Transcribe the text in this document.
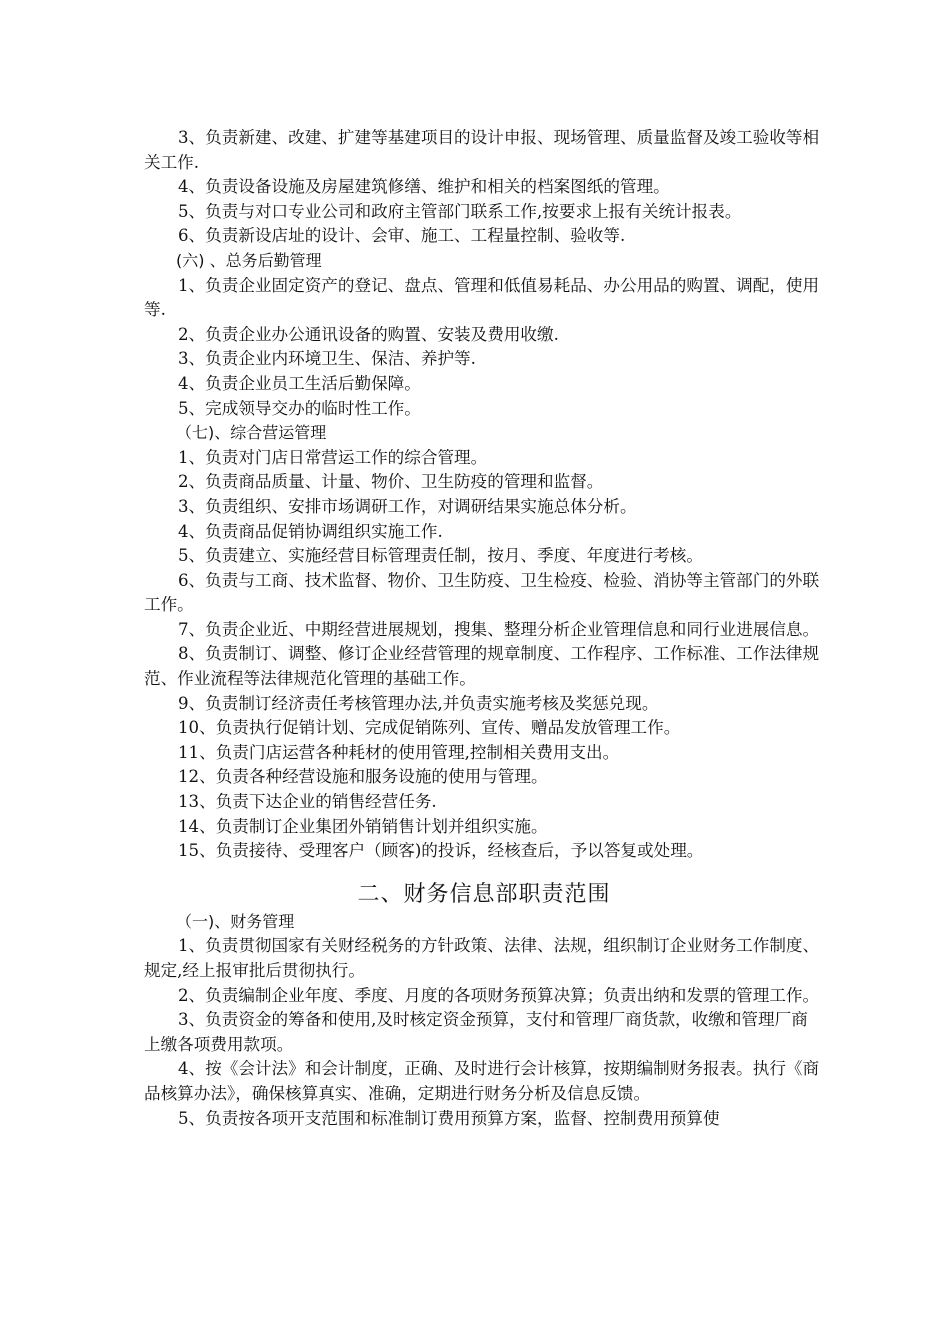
3、负责新建、改建、扩建等基建项目的设计申报、现场管理、质量监督及竣工验收等相关工作.

4、负责设备设施及房屋建筑修缮、维护和相关的档案图纸的管理。

5、负责与对口专业公司和政府主管部门联系工作,按要求上报有关统计报表。

6、负责新设店址的设计、会审、施工、工程量控制、验收等.

(六) 、总务后勤管理

1、负责企业固定资产的登记、盘点、管理和低值易耗品、办公用品的购置、调配，使用等.

2、负责企业办公通讯设备的购置、安装及费用收缴.

3、负责企业内环境卫生、保洁、养护等.

4、负责企业员工生活后勤保障。

5、完成领导交办的临时性工作。

（七)、综合营运管理

1、负责对门店日常营运工作的综合管理。

2、负责商品质量、计量、物价、卫生防疫的管理和监督。

3、负责组织、安排市场调研工作，对调研结果实施总体分析。

4、负责商品促销协调组织实施工作.

5、负责建立、实施经营目标管理责任制，按月、季度、年度进行考核。

6、负责与工商、技术监督、物价、卫生防疫、卫生检疫、检验、消协等主管部门的外联工作。

7、负责企业近、中期经营进展规划，搜集、整理分析企业管理信息和同行业进展信息。

8、负责制订、调整、修订企业经营管理的规章制度、工作程序、工作标准、工作法律规范、作业流程等法律规范化管理的基础工作。

9、负责制订经济责任考核管理办法,并负责实施考核及奖惩兑现。

10、负责执行促销计划、完成促销陈列、宣传、赠品发放管理工作。

11、负责门店运营各种耗材的使用管理,控制相关费用支出。

12、负责各种经营设施和服务设施的使用与管理。

13、负责下达企业的销售经营任务.

14、负责制订企业集团外销销售计划并组织实施。

15、负责接待、受理客户（顾客)的投诉，经核查后，予以答复或处理。

二、财务信息部职责范围

（一)、财务管理

1、负责贯彻国家有关财经税务的方针政策、法律、法规，组织制订企业财务工作制度、规定,经上报审批后贯彻执行。

2、负责编制企业年度、季度、月度的各项财务预算决算；负责出纳和发票的管理工作。

3、负责资金的筹备和使用,及时核定资金预算，支付和管理厂商货款，收缴和管理厂商上缴各项费用款项。

4、按《会计法》和会计制度，正确、及时进行会计核算，按期编制财务报表。执行《商品核算办法》，确保核算真实、准确，定期进行财务分析及信息反馈。

5、负责按各项开支范围和标准制订费用预算方案，监督、控制费用预算使
